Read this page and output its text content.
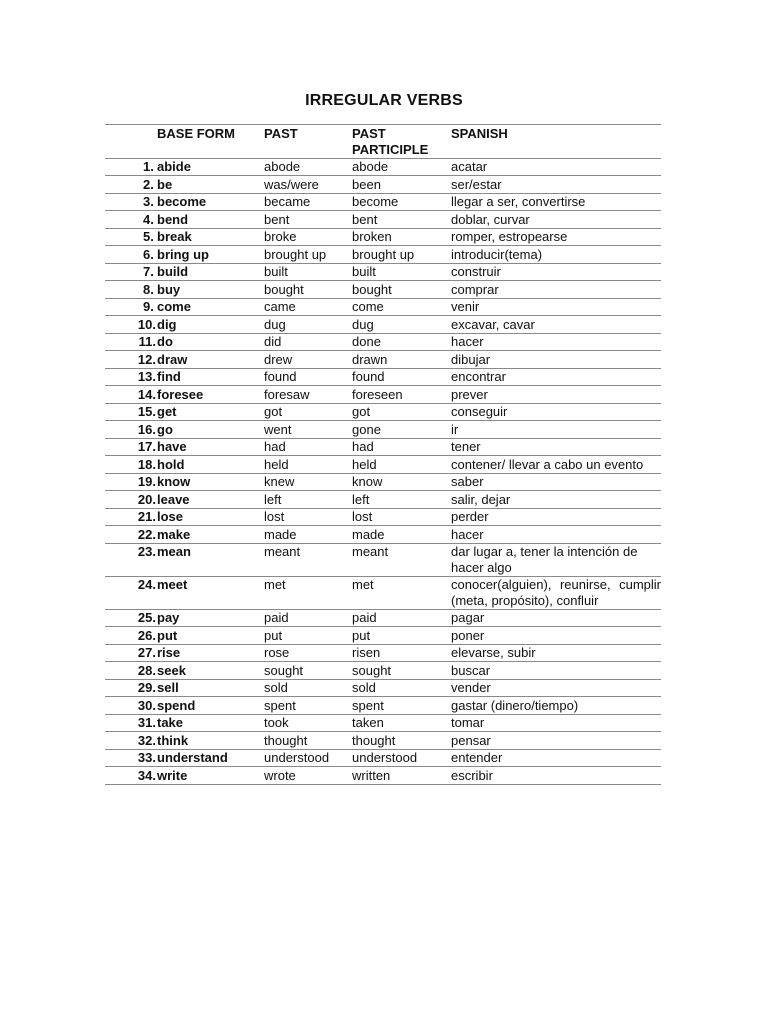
IRREGULAR VERBS
	BASE FORM	PAST	PAST PARTICIPLE	SPANISH
1.	abide	abode	abode	acatar
2.	be	was/were	been	ser/estar
3.	become	became	become	llegar a ser, convertirse
4.	bend	bent	bent	doblar, curvar
5.	break	broke	broken	romper, estropearse
6.	bring up	brought up	brought up	introducir(tema)
7.	build	built	built	construir
8.	buy	bought	bought	comprar
9.	come	came	come	venir
10.	dig	dug	dug	excavar, cavar
11.	do	did	done	hacer
12.	draw	drew	drawn	dibujar
13.	find	found	found	encontrar
14.	foresee	foresaw	foreseen	prever
15.	get	got	got	conseguir
16.	go	went	gone	ir
17.	have	had	had	tener
18.	hold	held	held	contener/ llevar a cabo un evento
19.	know	knew	know	saber
20.	leave	left	left	salir, dejar
21.	lose	lost	lost	perder
22.	make	made	made	hacer
23.	mean	meant	meant	dar lugar a, tener la intención de hacer algo
24.	meet	met	met	conocer(alguien), reunirse, cumplir (meta, propósito), confluir
25.	pay	paid	paid	pagar
26.	put	put	put	poner
27.	rise	rose	risen	elevarse, subir
28.	seek	sought	sought	buscar
29.	sell	sold	sold	vender
30.	spend	spent	spent	gastar (dinero/tiempo)
31.	take	took	taken	tomar
32.	think	thought	thought	pensar
33.	understand	understood	understood	entender
34.	write	wrote	written	escribir
